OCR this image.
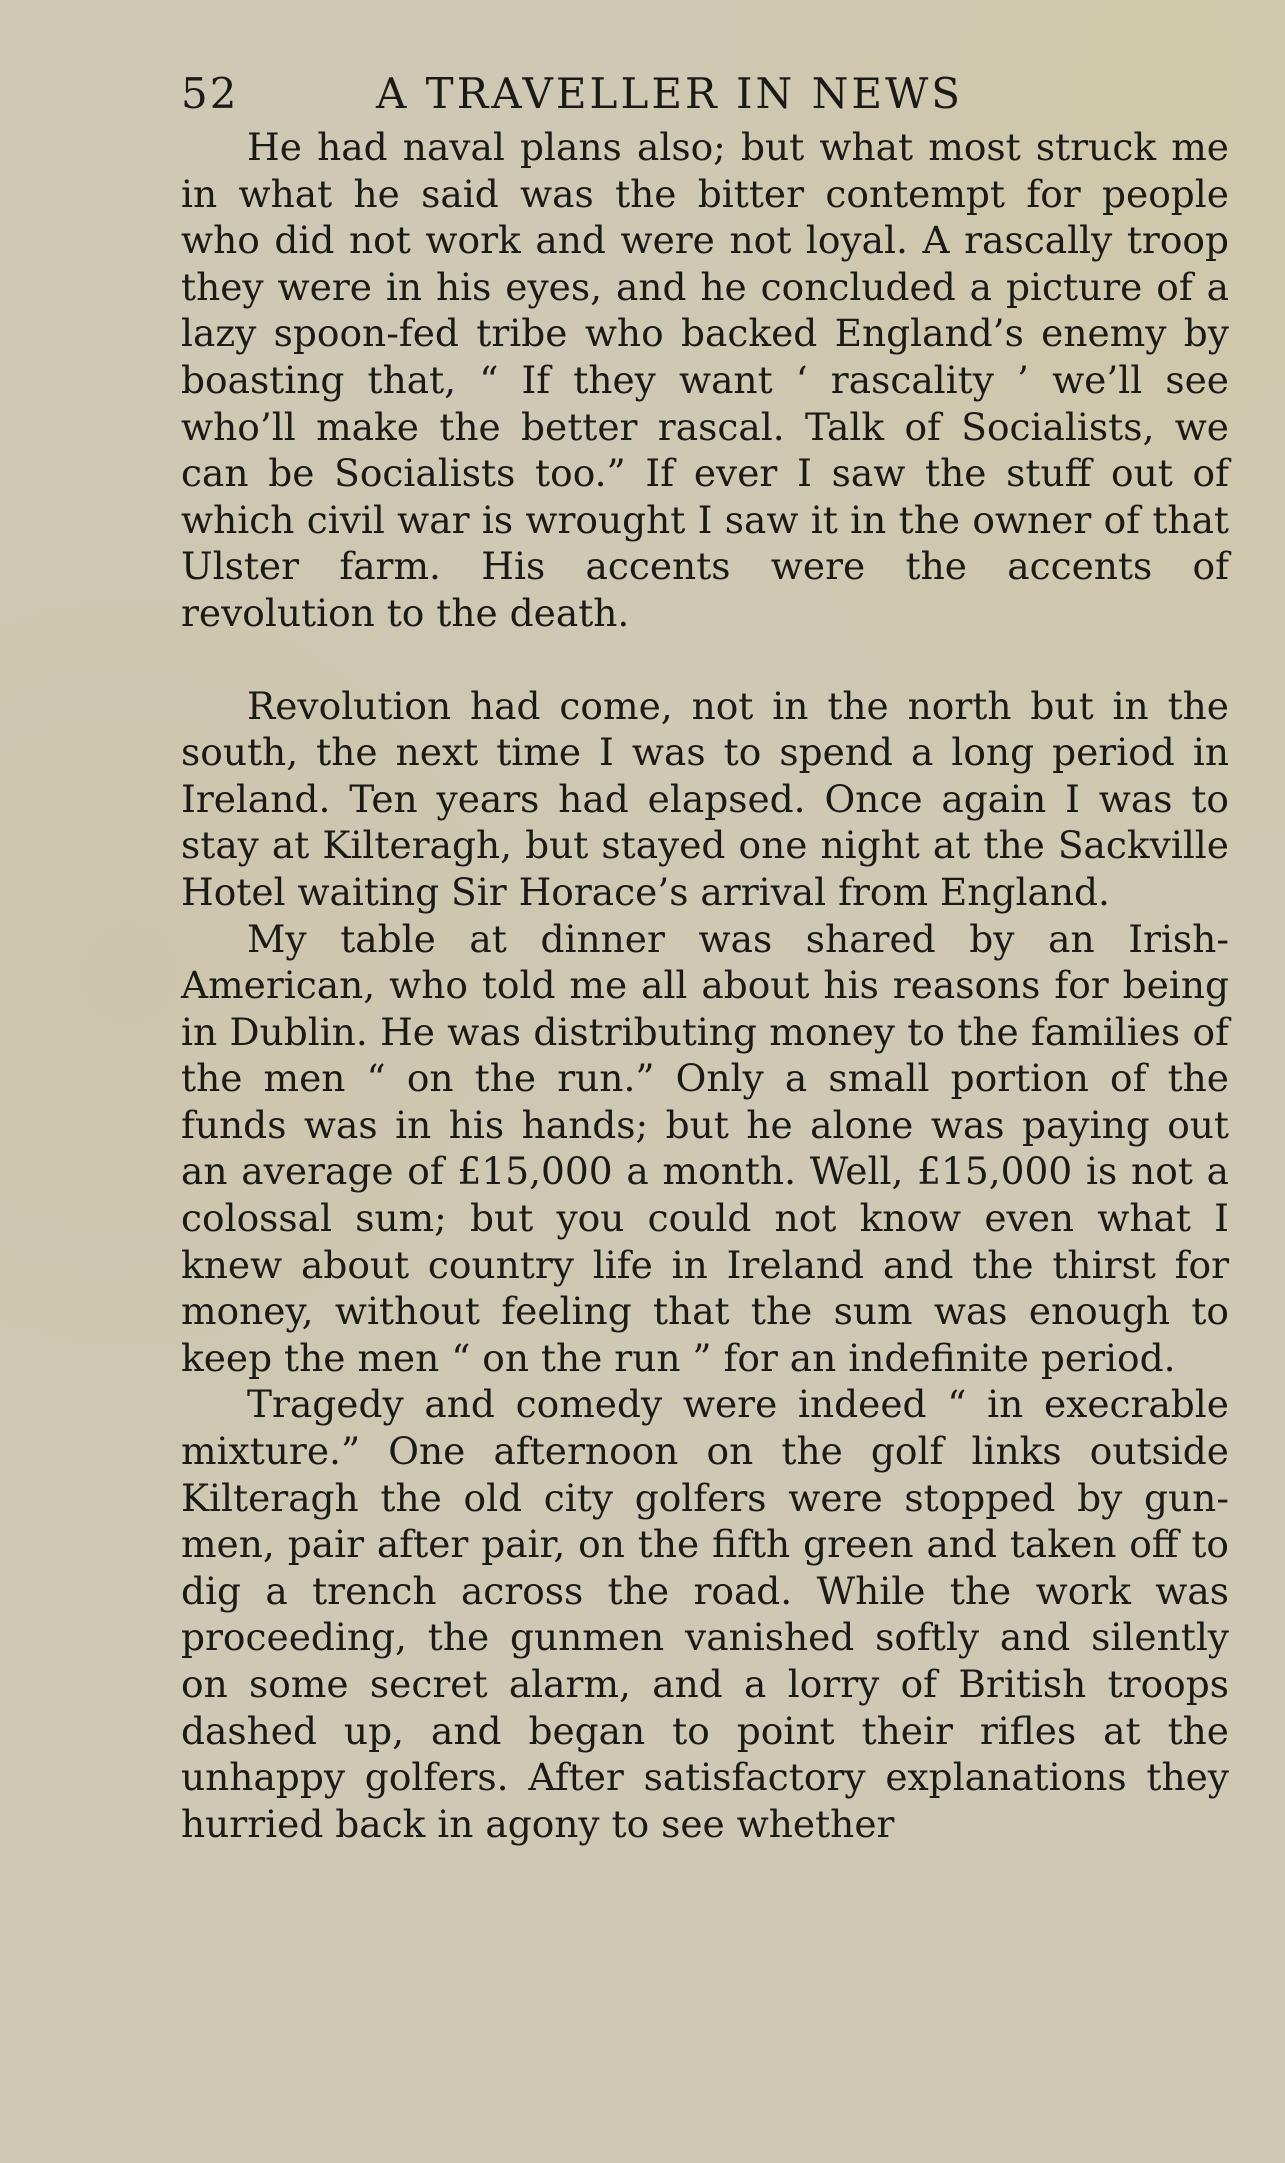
52	A TRAVELLER IN NEWS

He had naval plans also; but what most struck me in what he said was the bitter contempt for people who did not work and were not loyal. A rascally troop they were in his eyes, and he concluded a picture of a lazy spoon-fed tribe who backed England’s enemy by boasting that, “ If they want ‘ rascality ’ we’ll see who’ll make the better rascal. Talk of Socialists, we can be Socialists too.” If ever I saw the stuff out of which civil war is wrought I saw it in the owner of that Ulster farm. His accents were the accents of revolution to the death.

Revolution had come, not in the north but in the south, the next time I was to spend a long period in Ireland. Ten years had elapsed. Once again I was to stay at Kilteragh, but stayed one night at the Sackville Hotel waiting Sir Horace’s arrival from England.

My table at dinner was shared by an Irish-American, who told me all about his reasons for being in Dublin. He was distributing money to the families of the men “ on the run.” Only a small portion of the funds was in his hands; but he alone was paying out an average of £15,000 a month. Well, £15,000 is not a colossal sum; but you could not know even what I knew about country life in Ireland and the thirst for money, without feeling that the sum was enough to keep the men “ on the run ” for an indefinite period.

Tragedy and comedy were indeed “ in execrable mixture.” One afternoon on the golf links outside Kilteragh the old city golfers were stopped by gunmen, pair after pair, on the fifth green and taken off to dig a trench across the road. While the work was proceeding, the gunmen vanished softly and silently on some secret alarm, and a lorry of British troops dashed up, and began to point their rifles at the unhappy golfers. After satisfactory explanations they hurried back in agony to see whether
